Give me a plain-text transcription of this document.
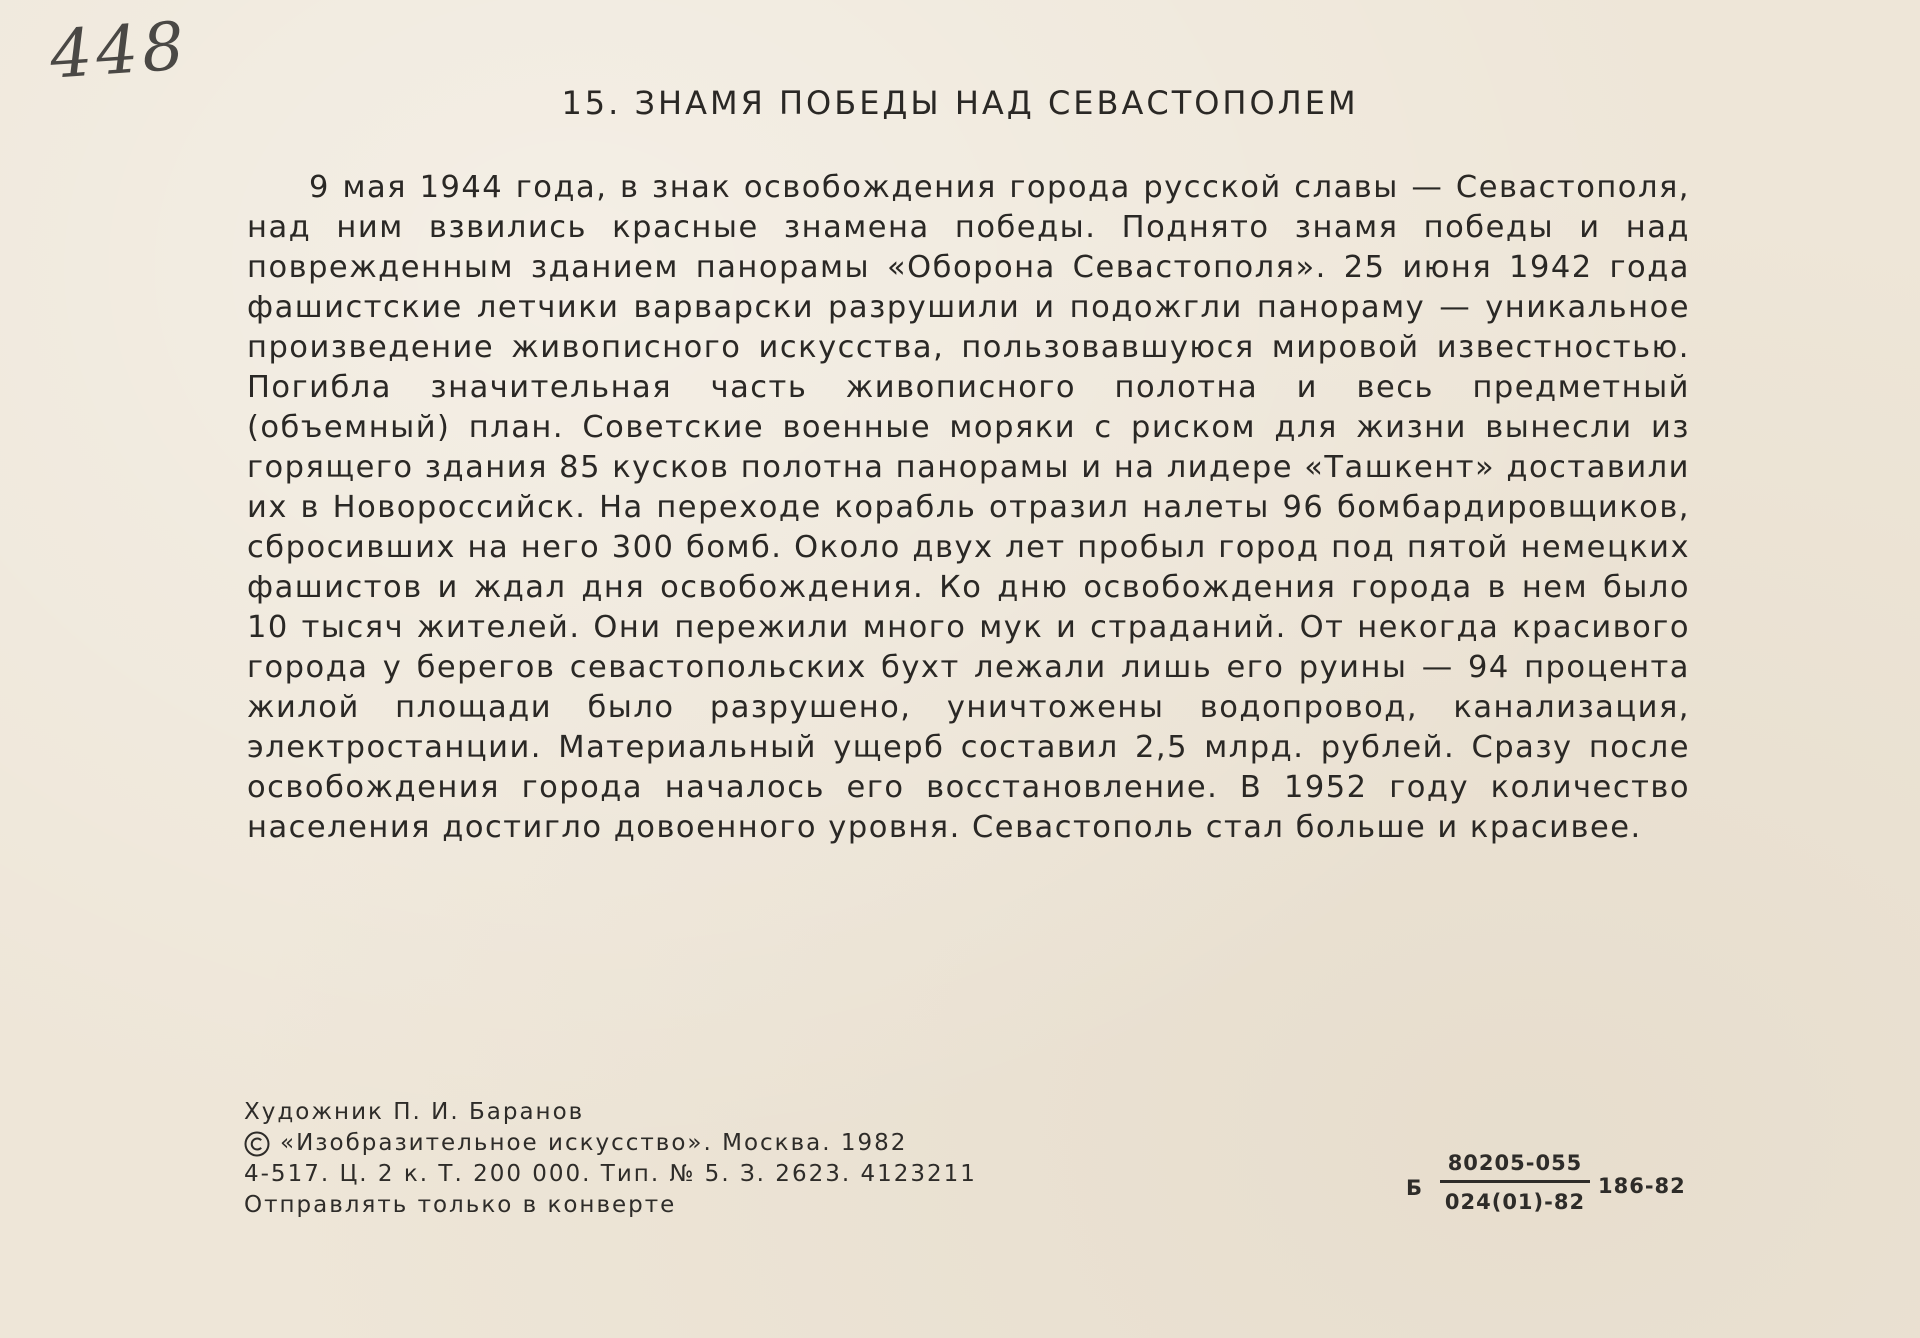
448
15. ЗНАМЯ ПОБЕДЫ НАД СЕВАСТОПОЛЕМ

9 мая 1944 года, в знак освобождения города русской славы — Севастополя, над ним взвились красные знамена победы. Поднято знамя победы и над поврежденным зданием панорамы «Оборона Севастополя». 25 июня 1942 года фашистские летчики варварски разрушили и подожгли панораму — уникальное произведение живописного искусства, пользовавшуюся мировой известностью. Погибла значительная часть живописного полотна и весь предметный (объемный) план. Советские военные моряки с риском для жизни вынесли из горящего здания 85 кусков полотна панорамы и на лидере «Ташкент» доставили их в Новороссийск. На переходе корабль отразил налеты 96 бомбардировщиков, сбросивших на него 300 бомб. Около двух лет пробыл город под пятой немецких фашистов и ждал дня освобождения. Ко дню освобождения города в нем было 10 тысяч жителей. Они пережили много мук и страданий. От некогда красивого города у берегов севастопольских бухт лежали лишь его руины — 94 процента жилой площади было разрушено, уничтожены водопровод, канализация, электростанции. Материальный ущерб составил 2,5 млрд. рублей. Сразу после освобождения города началось его восстановление. В 1952 году количество населения достигло довоенного уровня. Севастополь стал больше и красивее.

Художник П. И. Баранов
«Изобразительное искусство». Москва. 1982
4-517. Ц. 2 к. Т. 200 000. Тип. № 5. З. 2623. 4123211
Отправлять только в конверте
Б
80205-055
024(01)-82
186-82
